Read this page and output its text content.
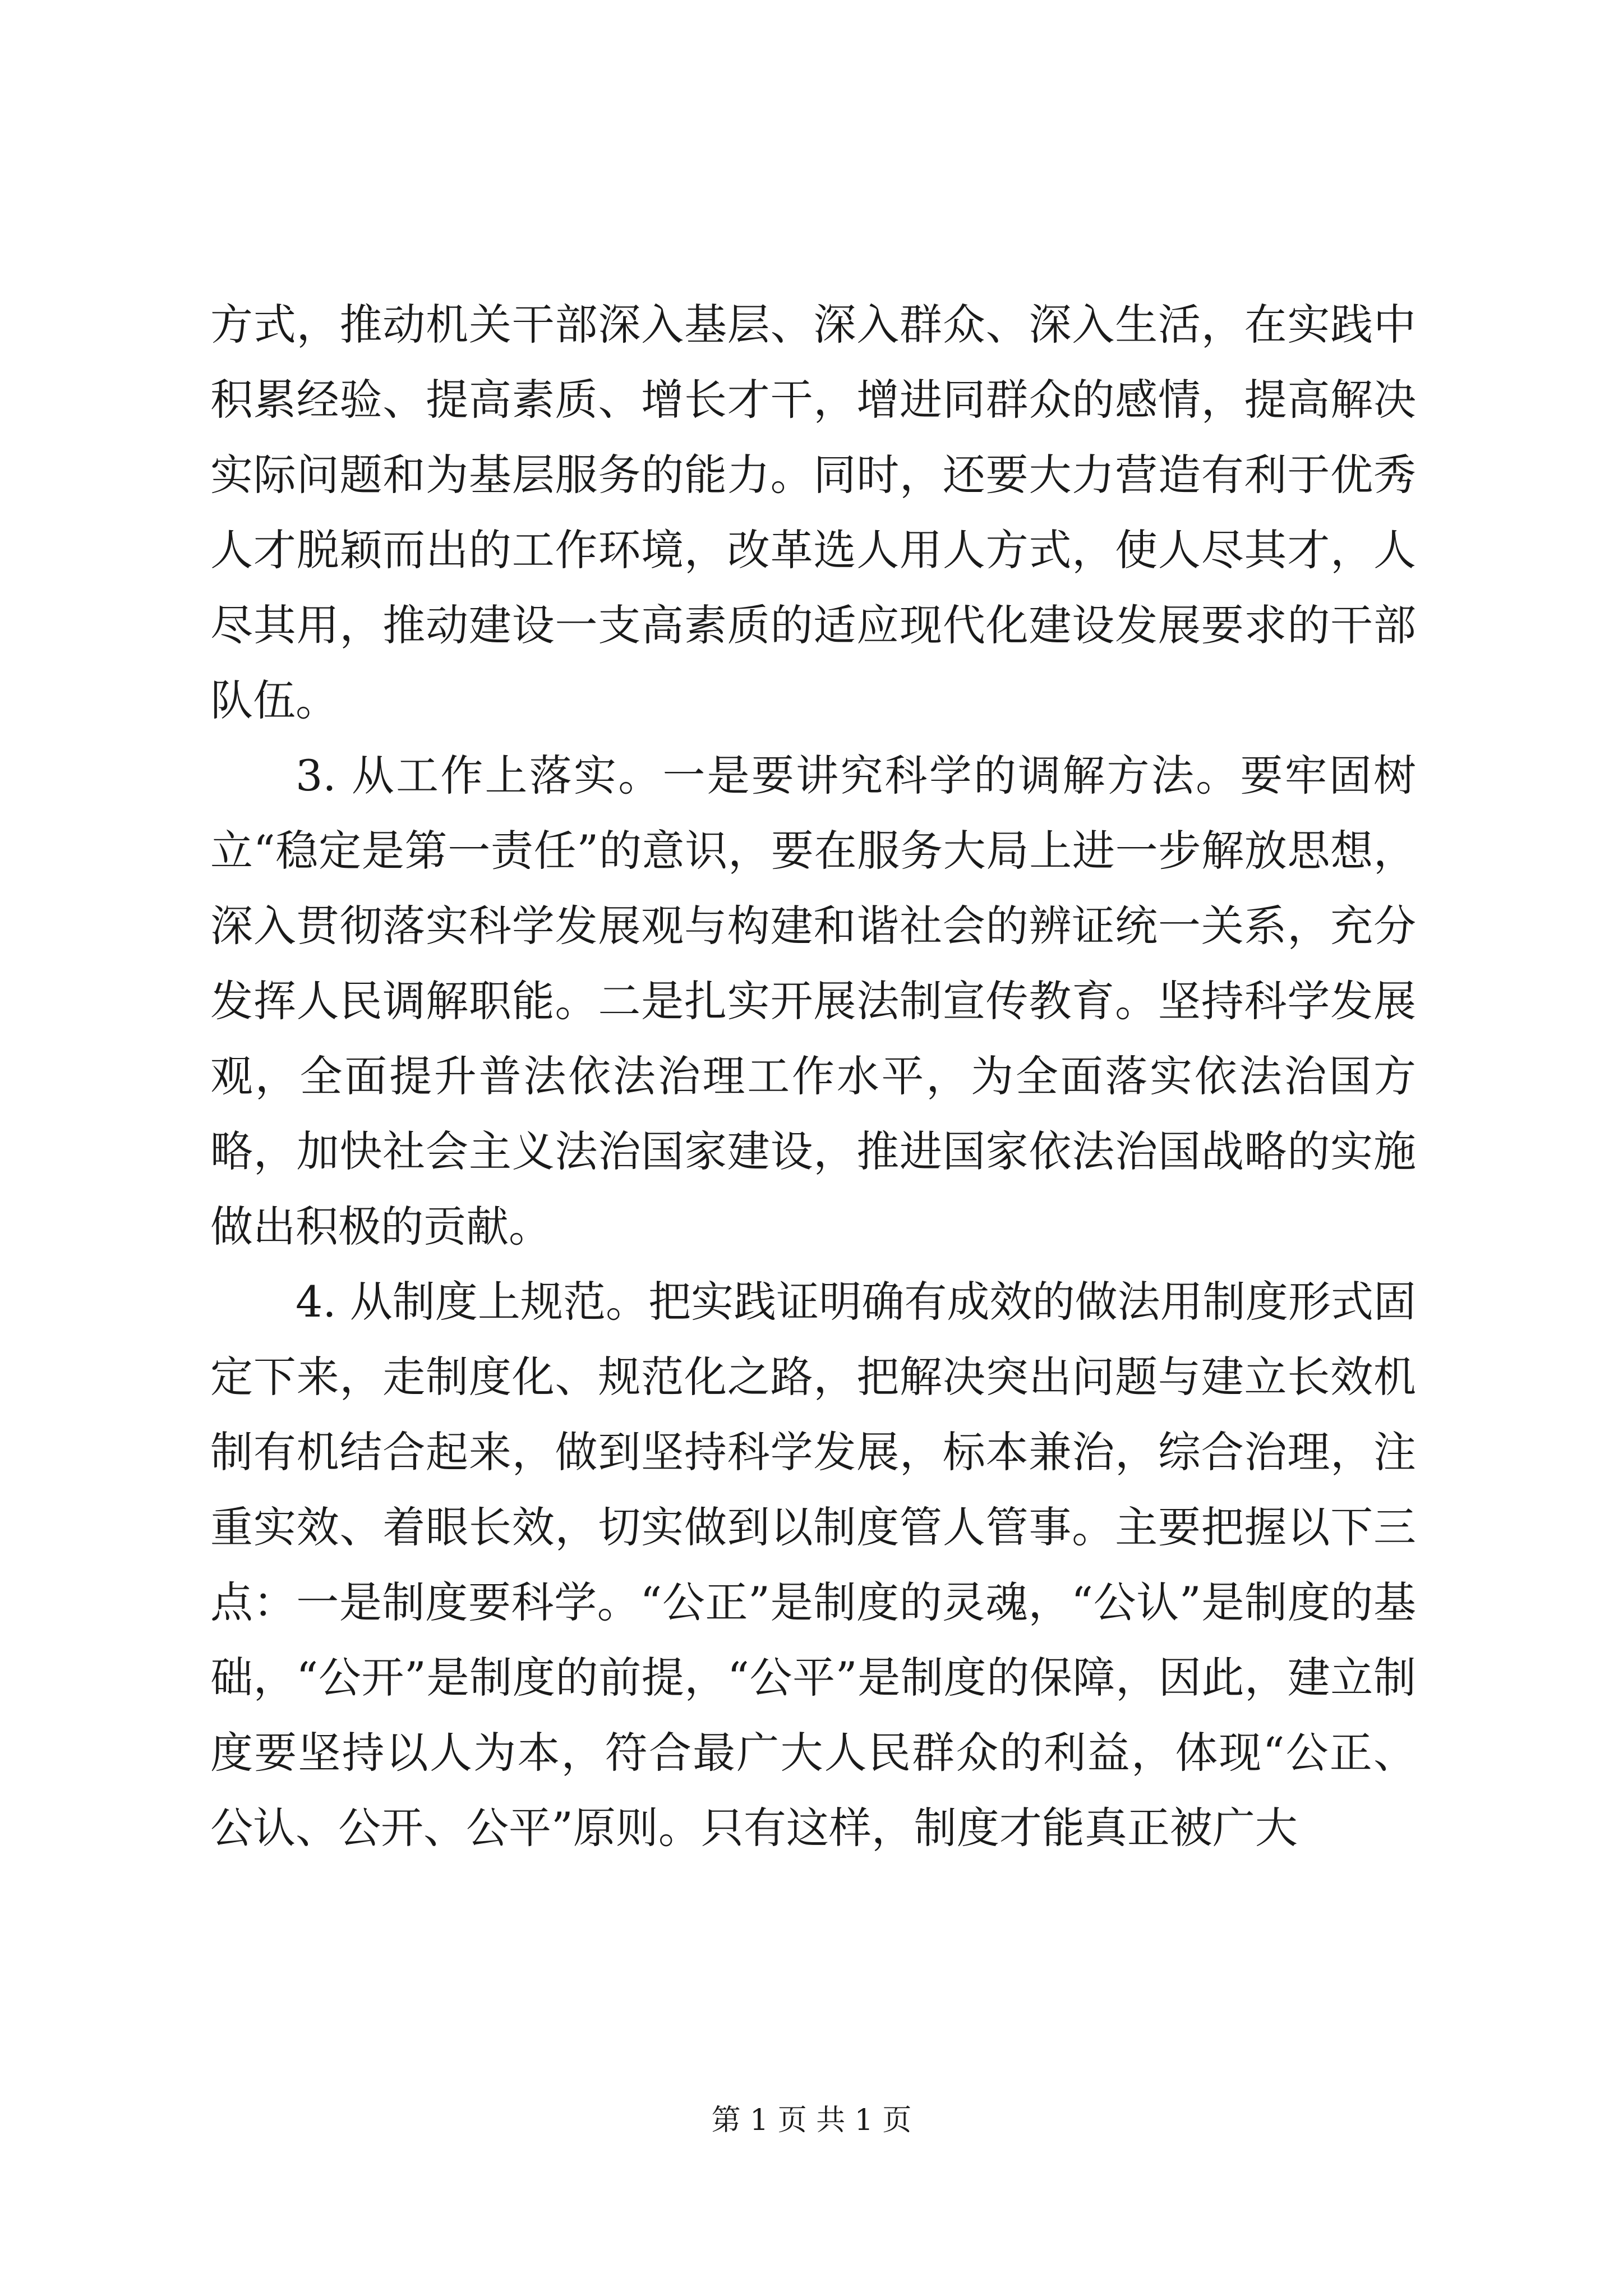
方式，推动机关干部深入基层、深入群众、深入生活，在实践中积累经验、提高素质、增长才干，增进同群众的感情，提高解决实际问题和为基层服务的能力。同时，还要大力营造有利于优秀人才脱颖而出的工作环境，改革选人用人方式，使人尽其才，人尽其用，推动建设一支高素质的适应现代化建设发展要求的干部队伍。

3. 从工作上落实。一是要讲究科学的调解方法。要牢固树立“稳定是第一责任”的意识，要在服务大局上进一步解放思想，深入贯彻落实科学发展观与构建和谐社会的辨证统一关系，充分发挥人民调解职能。二是扎实开展法制宣传教育。坚持科学发展观，全面提升普法依法治理工作水平，为全面落实依法治国方略，加快社会主义法治国家建设，推进国家依法治国战略的实施做出积极的贡献。

4. 从制度上规范。把实践证明确有成效的做法用制度形式固定下来，走制度化、规范化之路，把解决突出问题与建立长效机制有机结合起来，做到坚持科学发展，标本兼治，综合治理，注重实效、着眼长效，切实做到以制度管人管事。主要把握以下三点：一是制度要科学。“公正”是制度的灵魂，“公认”是制度的基础，“公开”是制度的前提，“公平”是制度的保障，因此，建立制度要坚持以人为本，符合最广大人民群众的利益，体现“公正、公认、公开、公平”原则。只有这样，制度才能真正被广大

第 1 页 共 1 页
